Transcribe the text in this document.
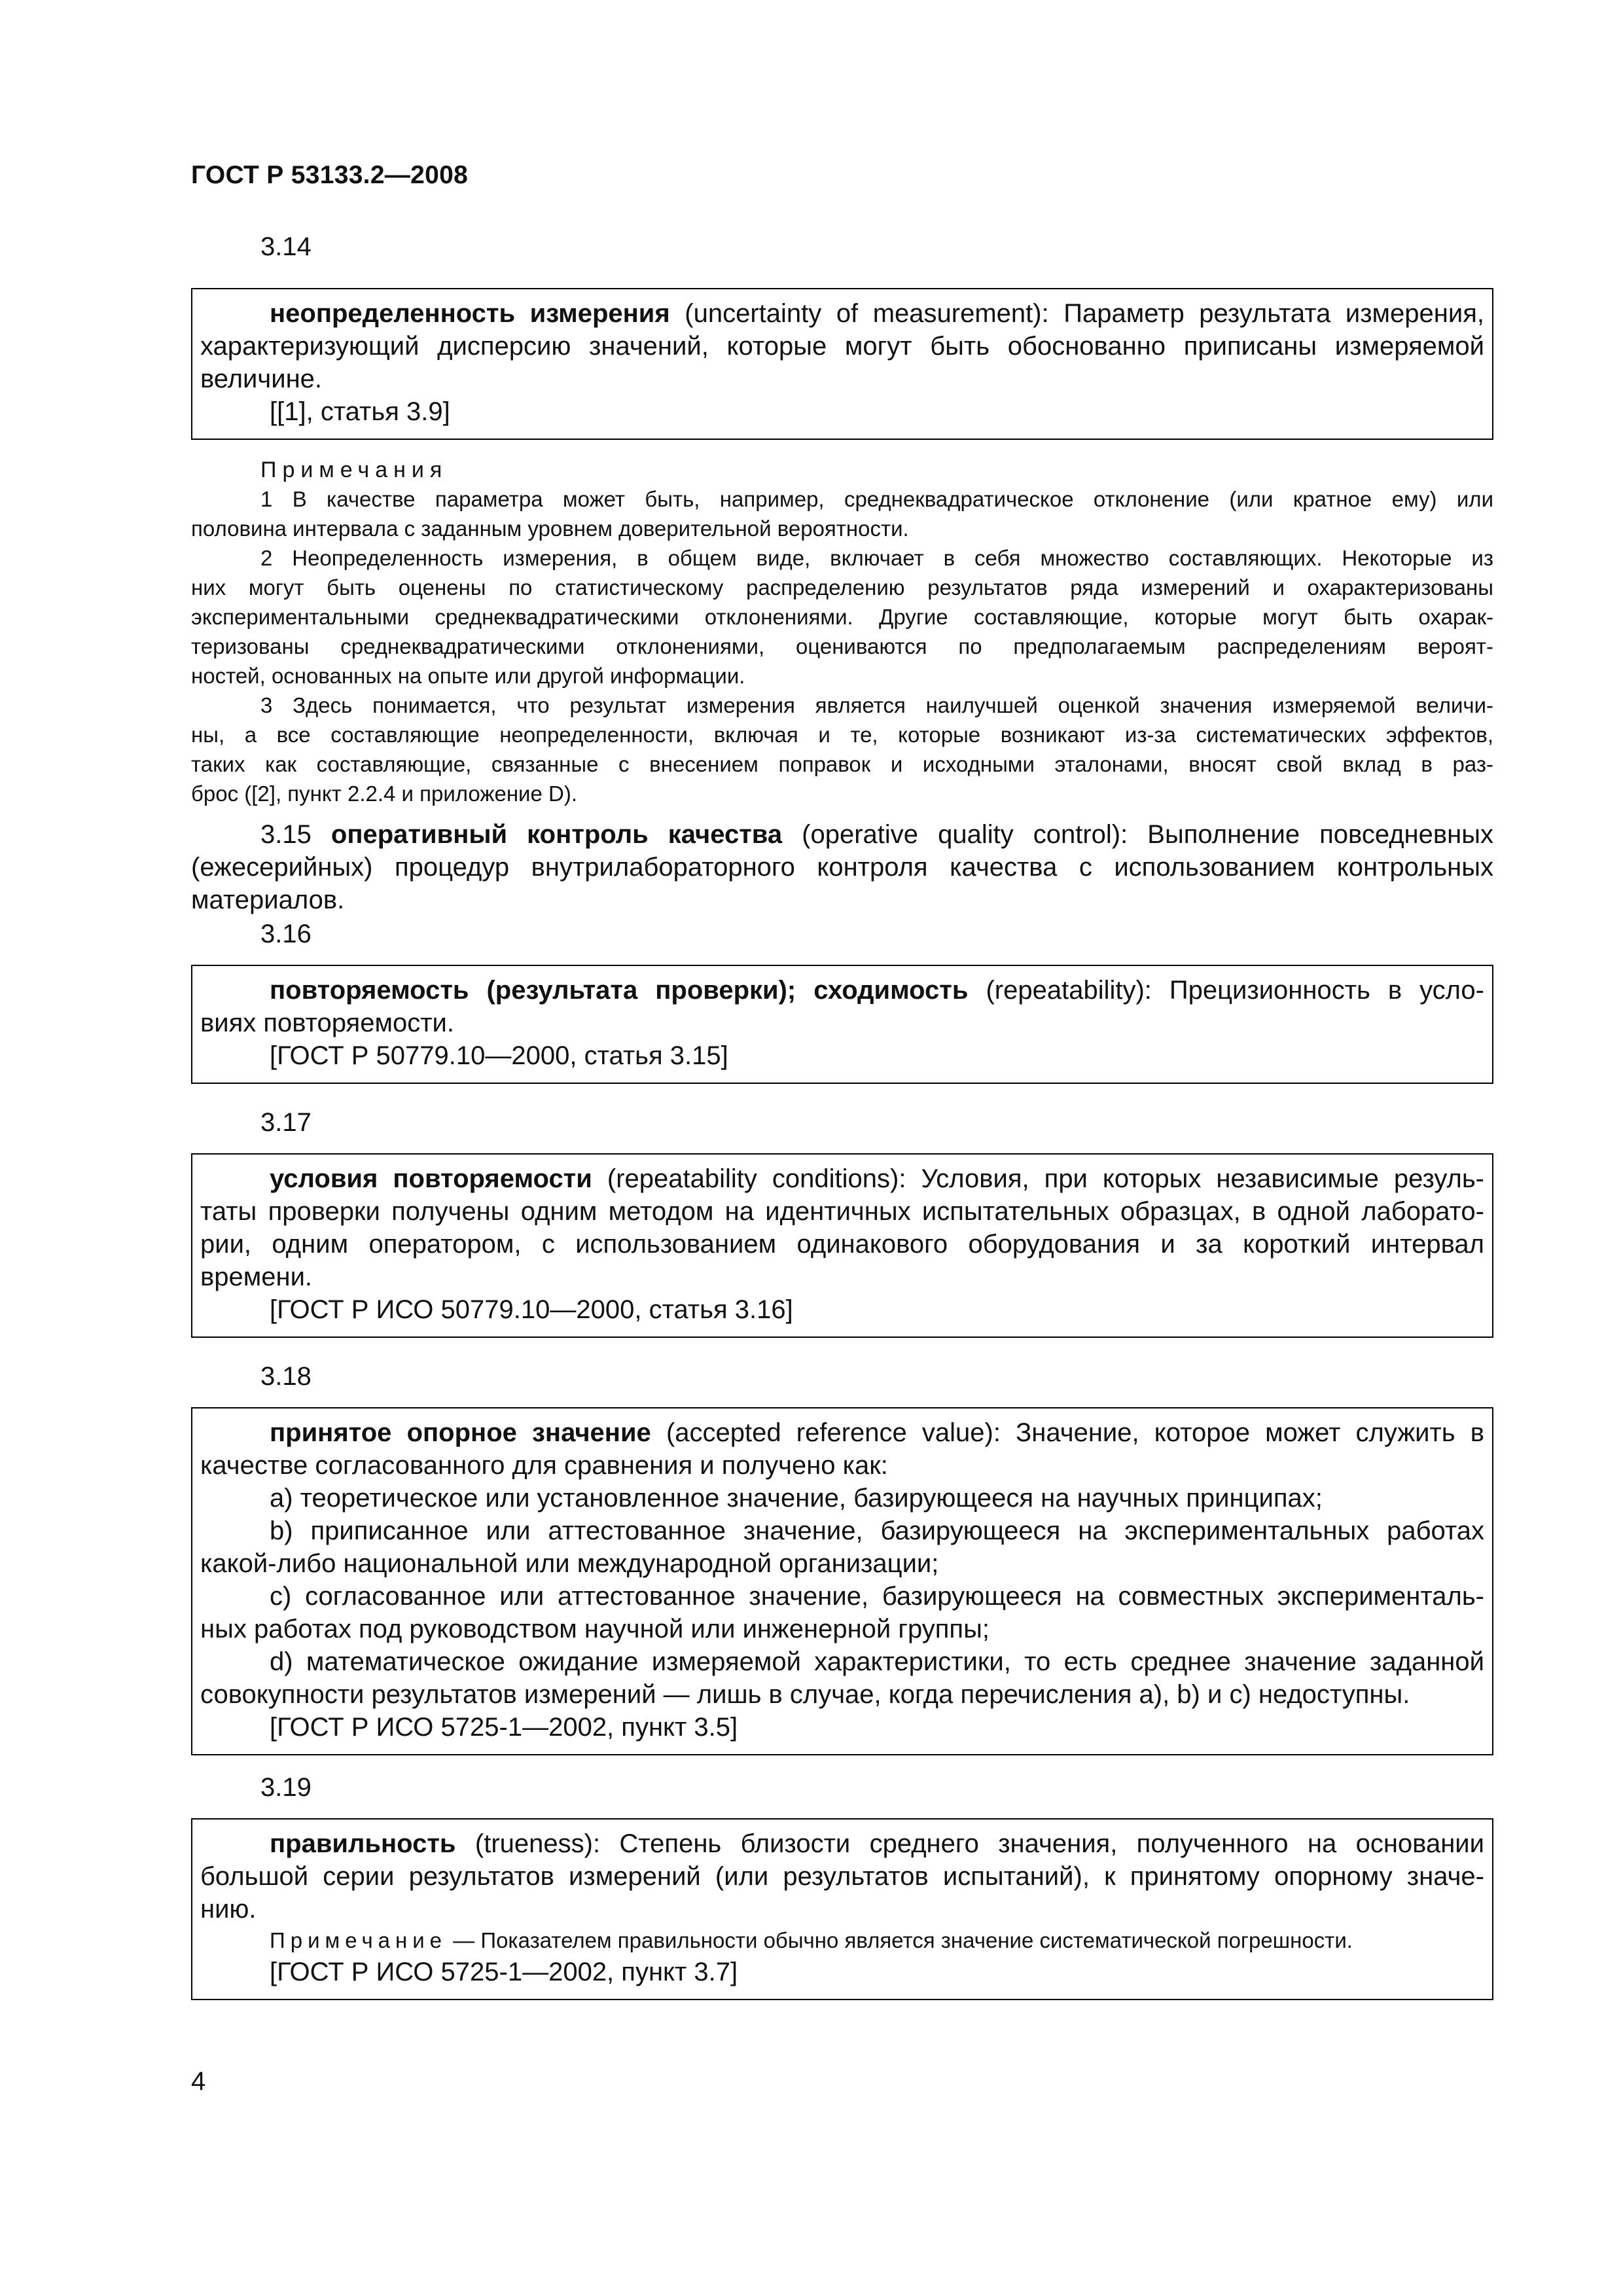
ГОСТ Р 53133.2—2008
3.14

неопределенность измерения (uncertainty of measurement): Параметр результата измерения,

характеризующий дисперсию значений, которые могут быть обоснованно приписаны измеряемой

величине.

[[1], статья 3.9]

Примечания

1 В качестве параметра может быть, например, среднеквадратическое отклонение (или кратное ему) или

половина интервала с заданным уровнем доверительной вероятности.

2 Неопределенность измерения, в общем виде, включает в себя множество составляющих. Некоторые из

них могут быть оценены по статистическому распределению результатов ряда измерений и охарактеризованы

экспериментальными среднеквадратическими отклонениями. Другие составляющие, которые могут быть охарак-

теризованы среднеквадратическими отклонениями, оцениваются по предполагаемым распределениям вероят-

ностей, основанных на опыте или другой информации.

3 Здесь понимается, что результат измерения является наилучшей оценкой значения измеряемой величи-

ны, а все составляющие неопределенности, включая и те, которые возникают из-за систематических эффектов,

таких как составляющие, связанные с внесением поправок и исходными эталонами, вносят свой вклад в раз-

брос ([2], пункт 2.2.4 и приложение D).

3.15 оперативный контроль качества (operative quality control): Выполнение повседневных

(ежесерийных) процедур внутрилабораторного контроля качества с использованием контрольных

материалов.

3.16

повторяемость (результата проверки); сходимость (repeatability): Прецизионность в усло-

виях повторяемости.

[ГОСТ Р 50779.10—2000, статья 3.15]

3.17

условия повторяемости (repeatability conditions): Условия, при которых независимые резуль-

таты проверки получены одним методом на идентичных испытательных образцах, в одной лаборато-

рии, одним оператором, с использованием одинакового оборудования и за короткий интервал

времени.

[ГОСТ Р ИСО 50779.10—2000, статья 3.16]

3.18

принятое опорное значение (accepted reference value): Значение, которое может служить в

качестве согласованного для сравнения и получено как:

a) теоретическое или установленное значение, базирующееся на научных принципах;

b) приписанное или аттестованное значение, базирующееся на экспериментальных работах

какой-либо национальной или международной организации;

c) согласованное или аттестованное значение, базирующееся на совместных эксперименталь-

ных работах под руководством научной или инженерной группы;

d) математическое ожидание измеряемой характеристики, то есть среднее значение заданной

совокупности результатов измерений — лишь в случае, когда перечисления a), b) и c) недоступны.

[ГОСТ Р ИСО 5725-1—2002, пункт 3.5]

3.19

правильность (trueness): Степень близости среднего значения, полученного на основании

большой серии результатов измерений (или результатов испытаний), к принятому опорному значе-

нию.

Примечание — Показателем правильности обычно является значение систематической погрешности.

[ГОСТ Р ИСО 5725-1—2002, пункт 3.7]

4
